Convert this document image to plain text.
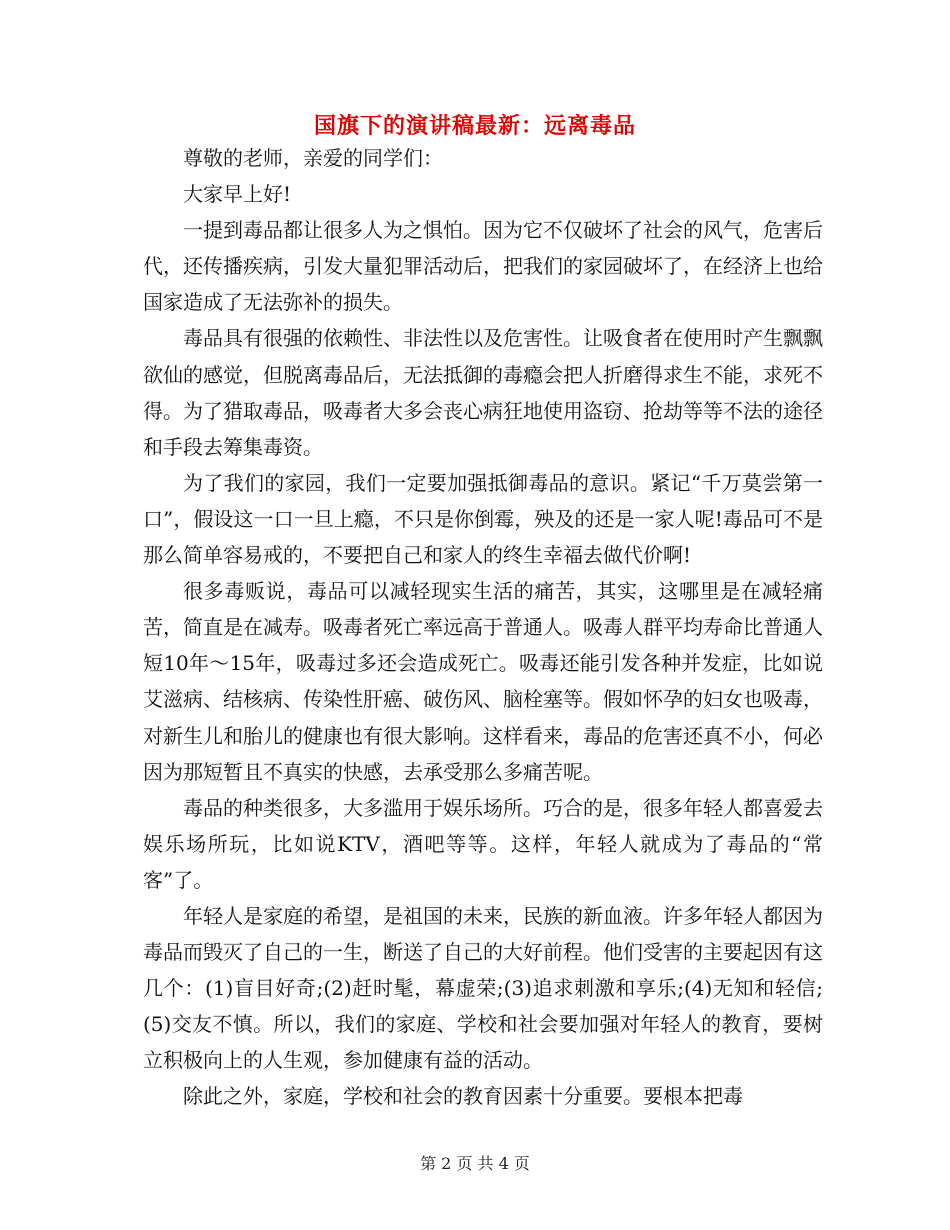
国旗下的演讲稿最新：远离毒品

尊敬的老师，亲爱的同学们：

大家早上好!

一提到毒品都让很多人为之惧怕。因为它不仅破坏了社会的风气，危害后代，还传播疾病，引发大量犯罪活动后，把我们的家园破坏了，在经济上也给国家造成了无法弥补的损失。

毒品具有很强的依赖性、非法性以及危害性。让吸食者在使用时产生飘飘欲仙的感觉，但脱离毒品后，无法抵御的毒瘾会把人折磨得求生不能，求死不得。为了猎取毒品，吸毒者大多会丧心病狂地使用盗窃、抢劫等等不法的途径和手段去筹集毒资。

为了我们的家园，我们一定要加强抵御毒品的意识。紧记“千万莫尝第一口”，假设这一口一旦上瘾，不只是你倒霉，殃及的还是一家人呢!毒品可不是那么简单容易戒的，不要把自己和家人的终生幸福去做代价啊!

很多毒贩说，毒品可以减轻现实生活的痛苦，其实，这哪里是在减轻痛苦，简直是在减寿。吸毒者死亡率远高于普通人。吸毒人群平均寿命比普通人短10年～15年，吸毒过多还会造成死亡。吸毒还能引发各种并发症，比如说艾滋病、结核病、传染性肝癌、破伤风、脑栓塞等。假如怀孕的妇女也吸毒，对新生儿和胎儿的健康也有很大影响。这样看来，毒品的危害还真不小，何必因为那短暂且不真实的快感，去承受那么多痛苦呢。

毒品的种类很多，大多滥用于娱乐场所。巧合的是，很多年轻人都喜爱去娱乐场所玩，比如说KTV，酒吧等等。这样，年轻人就成为了毒品的“常客”了。

年轻人是家庭的希望，是祖国的未来，民族的新血液。许多年轻人都因为毒品而毁灭了自己的一生，断送了自己的大好前程。他们受害的主要起因有这几个：(1)盲目好奇;(2)赶时髦，幕虚荣;(3)追求刺激和享乐;(4)无知和轻信;(5)交友不慎。所以，我们的家庭、学校和社会要加强对年轻人的教育，要树立积极向上的人生观，参加健康有益的活动。

除此之外，家庭，学校和社会的教育因素十分重要。要根本把毒

第 2 页 共 4 页
